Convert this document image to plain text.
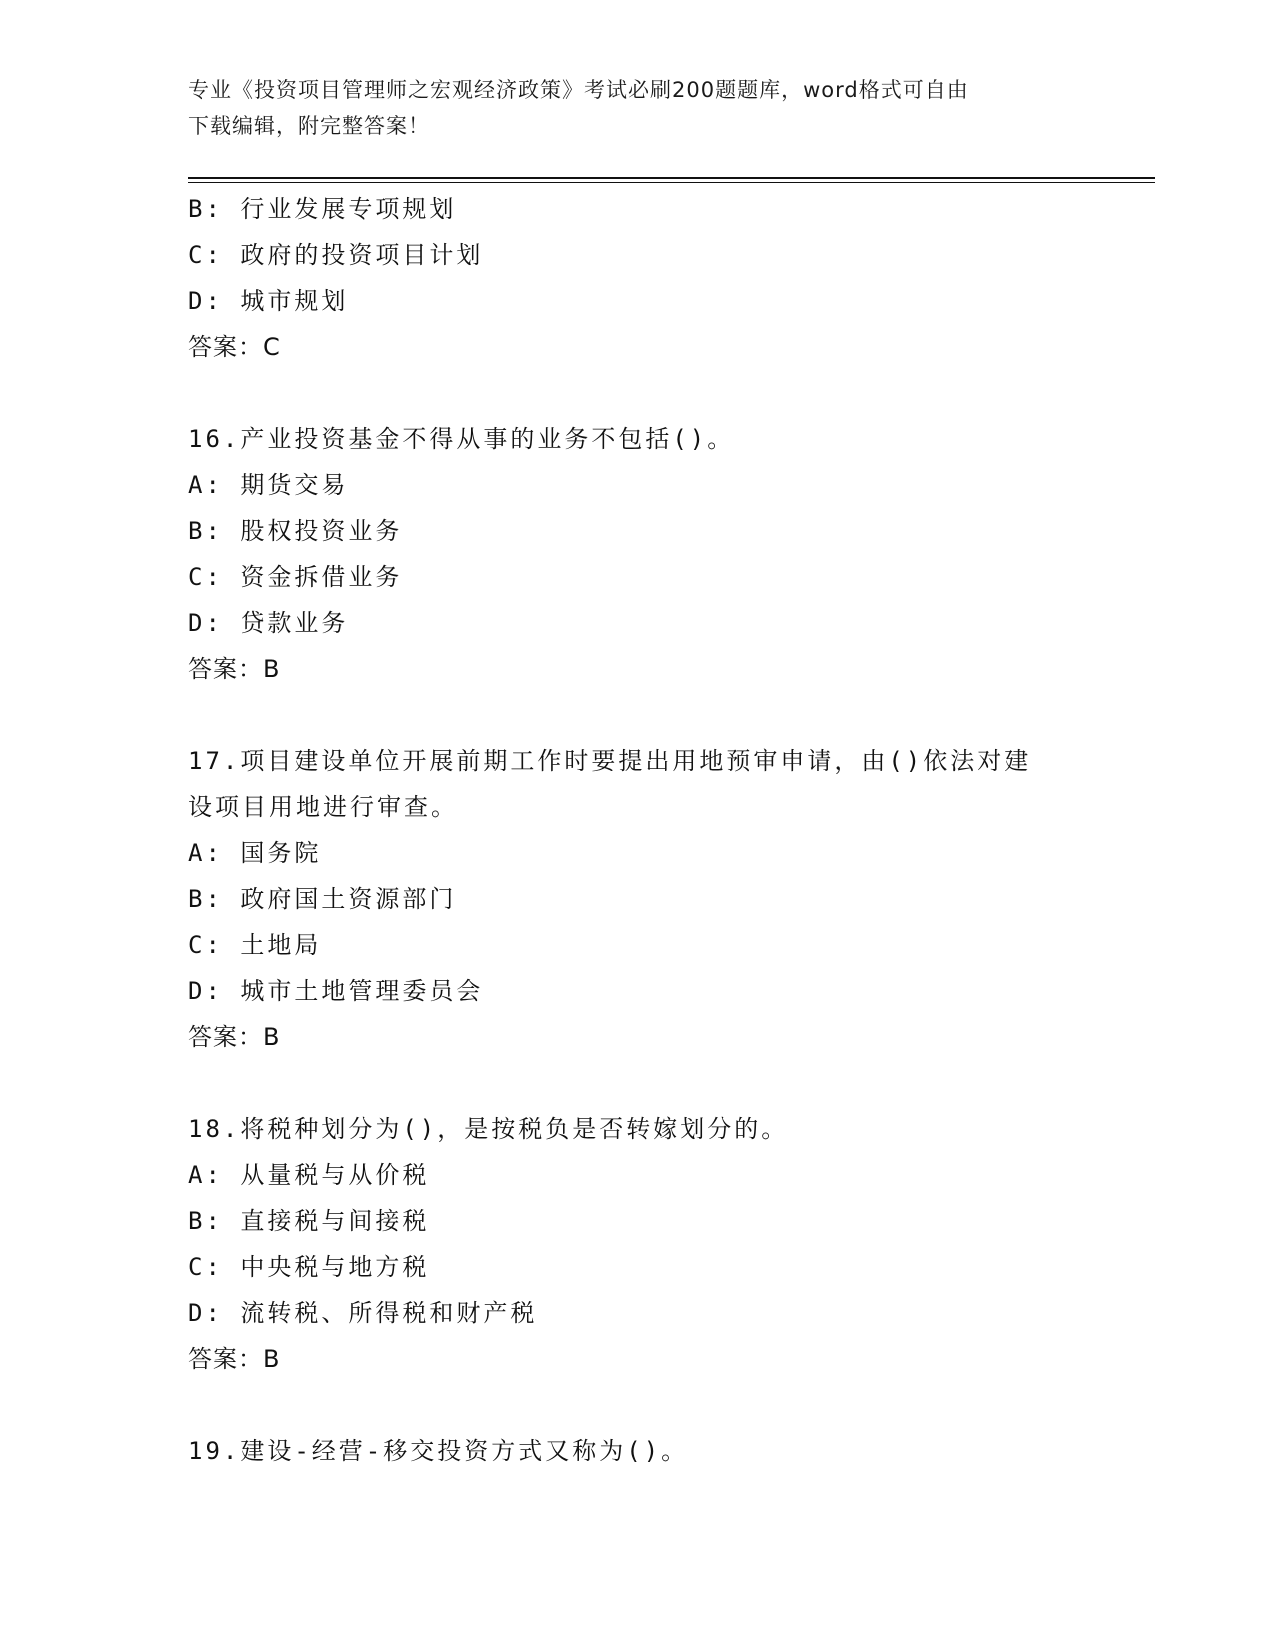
专业《投资项目管理师之宏观经济政策》考试必刷200题题库，word格式可自由
下载编辑，附完整答案！
B: 行业发展专项规划
C: 政府的投资项目计划
D: 城市规划
答案：C
16.产业投资基金不得从事的业务不包括()。
A: 期货交易
B: 股权投资业务
C: 资金拆借业务
D: 贷款业务
答案：B
17.项目建设单位开展前期工作时要提出用地预审申请，由()依法对建
设项目用地进行审查。
A: 国务院
B: 政府国土资源部门
C: 土地局
D: 城市土地管理委员会
答案：B
18.将税种划分为()，是按税负是否转嫁划分的。
A: 从量税与从价税
B: 直接税与间接税
C: 中央税与地方税
D: 流转税、所得税和财产税
答案：B
19.建设-经营-移交投资方式又称为()。
